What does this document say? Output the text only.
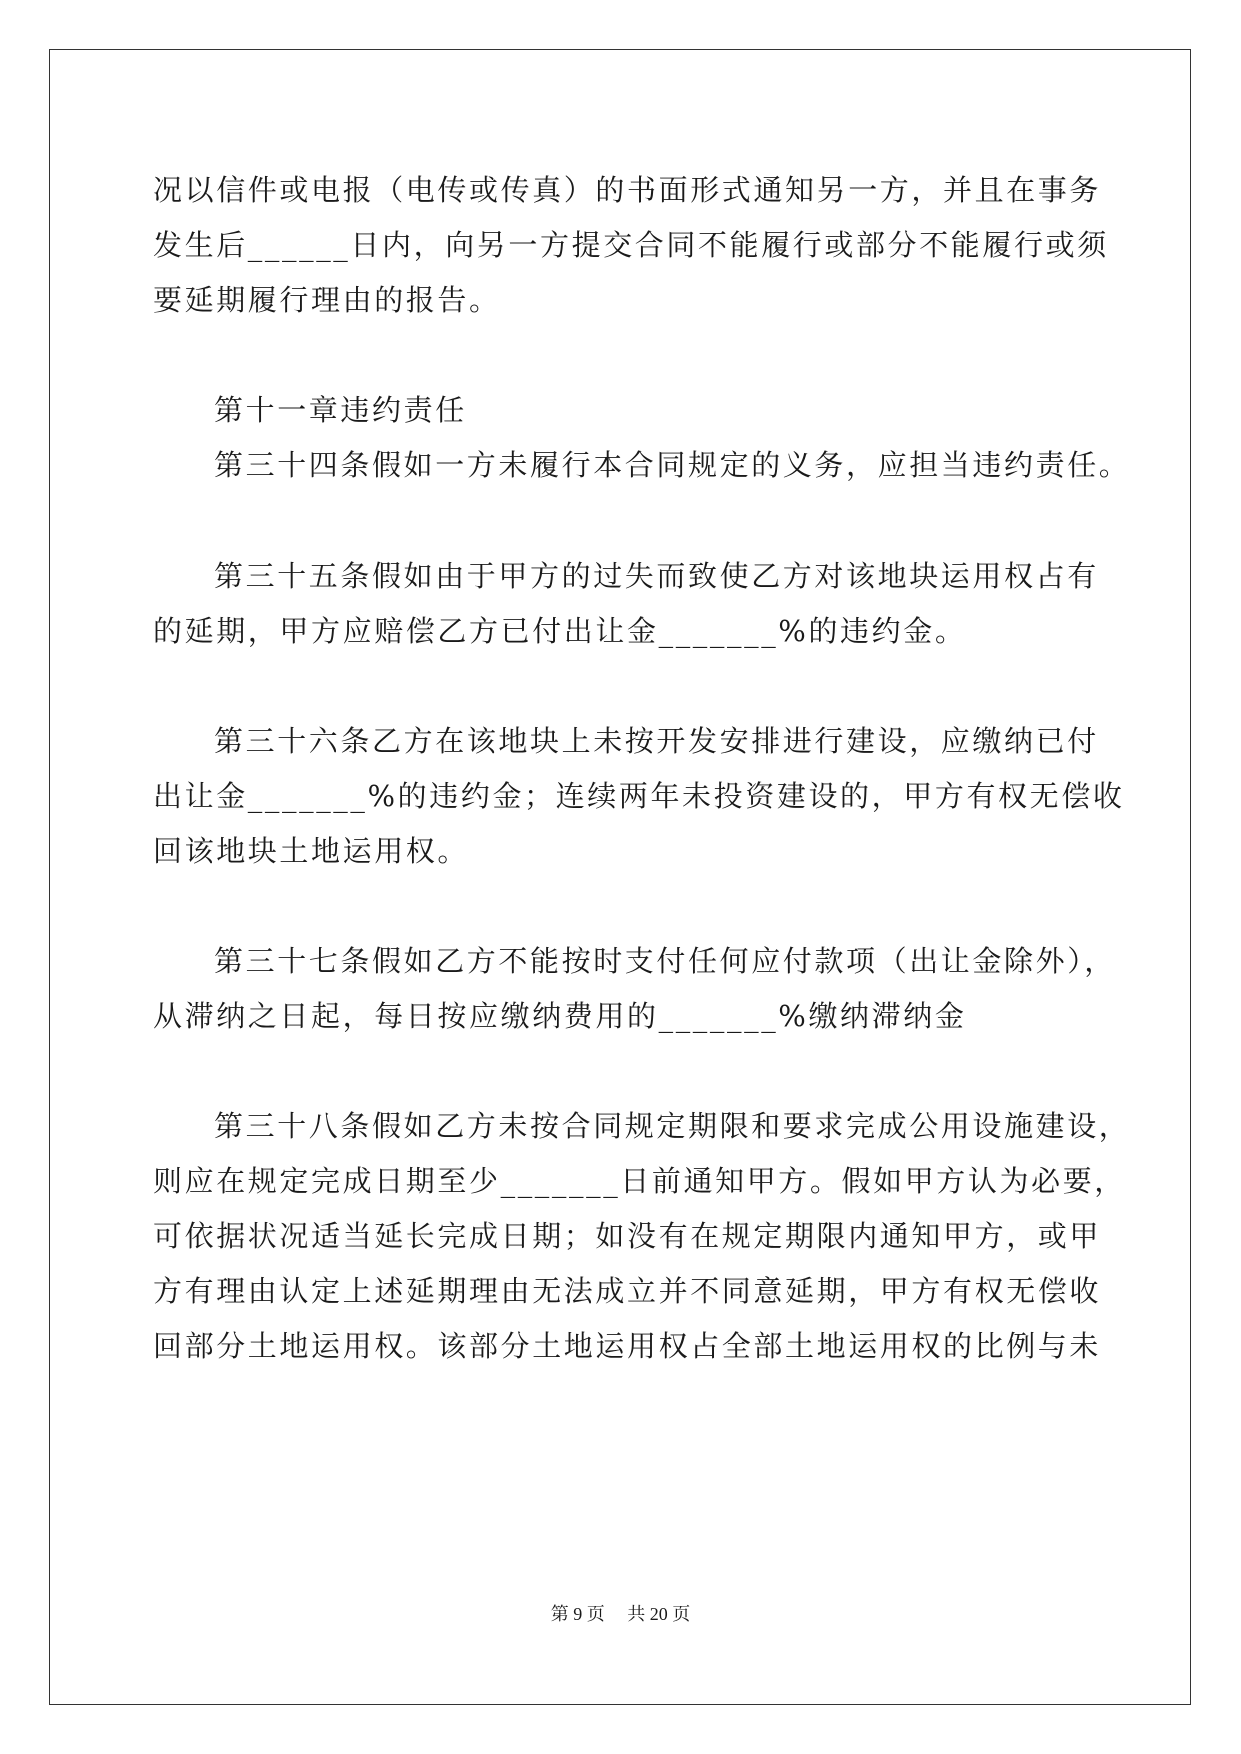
况以信件或电报（电传或传真）的书面形式通知另一方，并且在事务
发生后______日内，向另一方提交合同不能履行或部分不能履行或须
要延期履行理由的报告。
第十一章违约责任
第三十四条假如一方未履行本合同规定的义务，应担当违约责任。
第三十五条假如由于甲方的过失而致使乙方对该地块运用权占有
的延期，甲方应赔偿乙方已付出让金_______%的违约金。
第三十六条乙方在该地块上未按开发安排进行建设，应缴纳已付
出让金_______%的违约金；连续两年未投资建设的，甲方有权无偿收
回该地块土地运用权。
第三十七条假如乙方不能按时支付任何应付款项（出让金除外），
从滞纳之日起，每日按应缴纳费用的_______%缴纳滞纳金
第三十八条假如乙方未按合同规定期限和要求完成公用设施建设，
则应在规定完成日期至少_______日前通知甲方。假如甲方认为必要，
可依据状况适当延长完成日期；如没有在规定期限内通知甲方，或甲
方有理由认定上述延期理由无法成立并不同意延期，甲方有权无偿收
回部分土地运用权。该部分土地运用权占全部土地运用权的比例与未
第 9 页　 共 20 页
